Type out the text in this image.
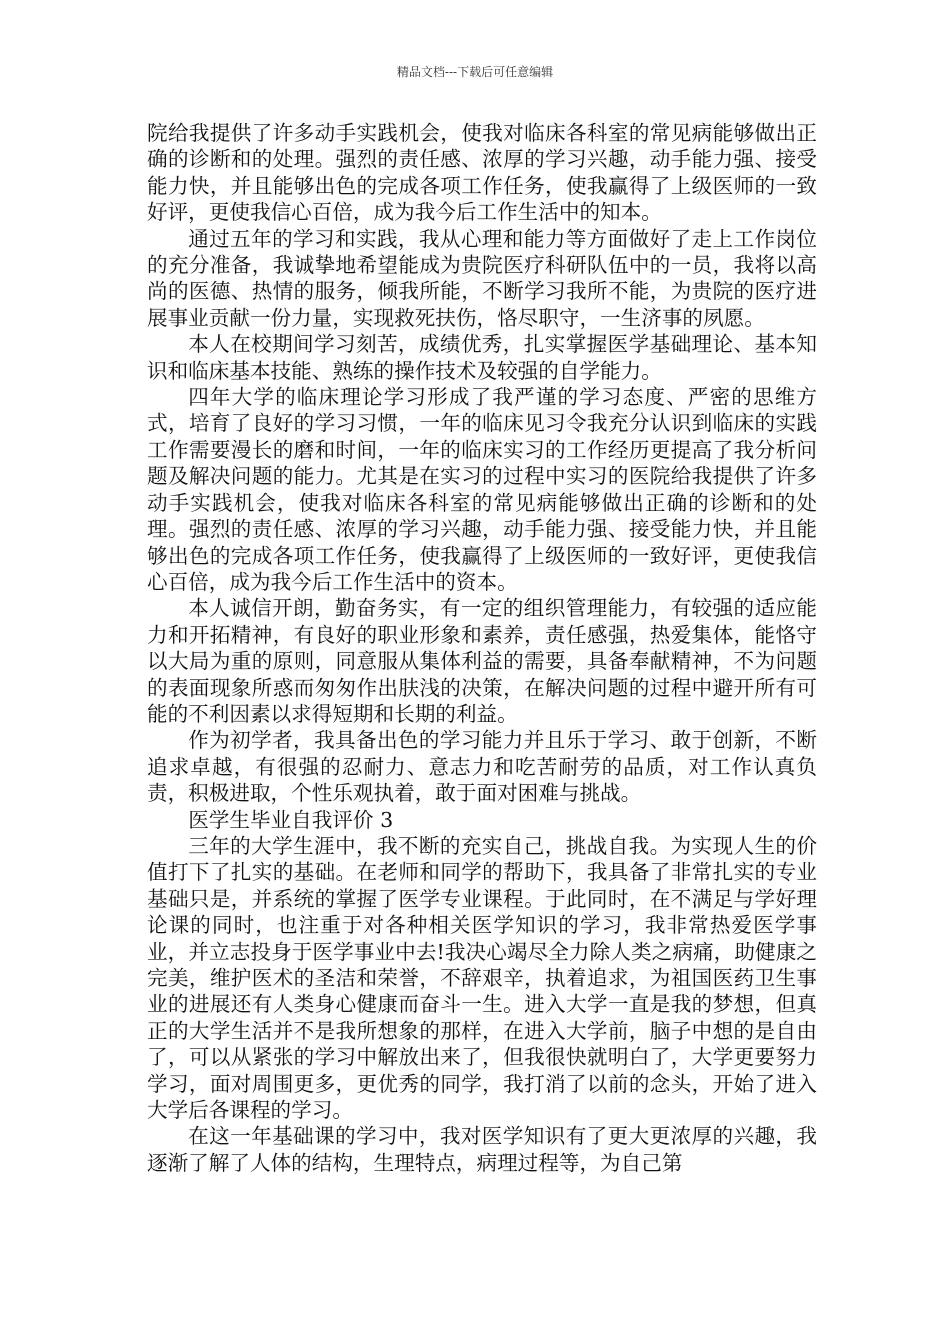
精品文档---下载后可任意编辑

院给我提供了许多动手实践机会，使我对临床各科室的常见病能够做出正确的诊断和的处理。强烈的责任感、浓厚的学习兴趣，动手能力强、接受能力快，并且能够出色的完成各项工作任务，使我赢得了上级医师的一致好评，更使我信心百倍，成为我今后工作生活中的知本。

通过五年的学习和实践，我从心理和能力等方面做好了走上工作岗位的充分准备，我诚挚地希望能成为贵院医疗科研队伍中的一员，我将以高尚的医德、热情的服务，倾我所能，不断学习我所不能，为贵院的医疗进展事业贡献一份力量，实现救死扶伤，恪尽职守，一生济事的夙愿。

本人在校期间学习刻苦，成绩优秀，扎实掌握医学基础理论、基本知识和临床基本技能、熟练的操作技术及较强的自学能力。

四年大学的临床理论学习形成了我严谨的学习态度、严密的思维方式，培育了良好的学习习惯，一年的临床见习令我充分认识到临床的实践工作需要漫长的磨和时间，一年的临床实习的工作经历更提高了我分析问题及解决问题的能力。尤其是在实习的过程中实习的医院给我提供了许多动手实践机会，使我对临床各科室的常见病能够做出正确的诊断和的处理。强烈的责任感、浓厚的学习兴趣，动手能力强、接受能力快，并且能够出色的完成各项工作任务，使我赢得了上级医师的一致好评，更使我信心百倍，成为我今后工作生活中的资本。

本人诚信开朗，勤奋务实，有一定的组织管理能力，有较强的适应能力和开拓精神，有良好的职业形象和素养，责任感强，热爱集体，能恪守以大局为重的原则，同意服从集体利益的需要，具备奉献精神，不为问题的表面现象所惑而匆匆作出肤浅的决策，在解决问题的过程中避开所有可能的不利因素以求得短期和长期的利益。

作为初学者，我具备出色的学习能力并且乐于学习、敢于创新，不断追求卓越，有很强的忍耐力、意志力和吃苦耐劳的品质，对工作认真负责，积极进取，个性乐观执着，敢于面对困难与挑战。

医学生毕业自我评价 3

三年的大学生涯中，我不断的充实自己，挑战自我。为实现人生的价值打下了扎实的基础。在老师和同学的帮助下，我具备了非常扎实的专业基础只是，并系统的掌握了医学专业课程。于此同时，在不满足与学好理论课的同时，也注重于对各种相关医学知识的学习，我非常热爱医学事业，并立志投身于医学事业中去!我决心竭尽全力除人类之病痛，助健康之完美，维护医术的圣洁和荣誉，不辞艰辛，执着追求，为祖国医药卫生事业的进展还有人类身心健康而奋斗一生。进入大学一直是我的梦想，但真正的大学生活并不是我所想象的那样，在进入大学前，脑子中想的是自由了，可以从紧张的学习中解放出来了，但我很快就明白了，大学更要努力学习，面对周围更多，更优秀的同学，我打消了以前的念头，开始了进入大学后各课程的学习。

在这一年基础课的学习中，我对医学知识有了更大更浓厚的兴趣，我逐渐了解了人体的结构，生理特点，病理过程等，为自己第
